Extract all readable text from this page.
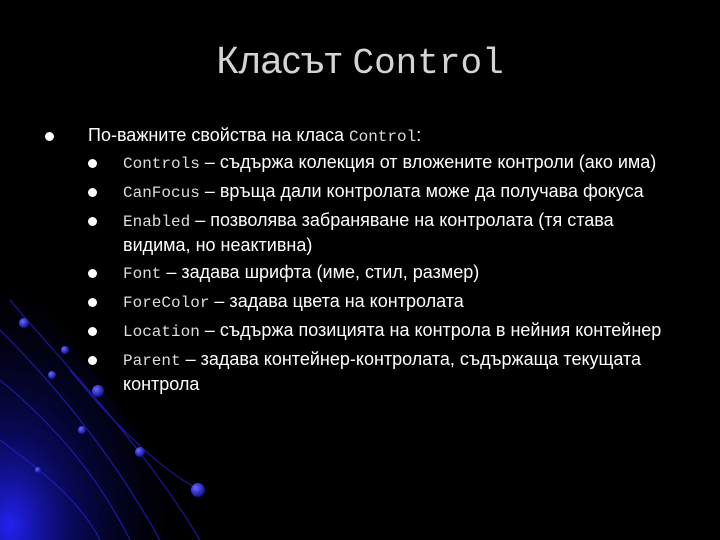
Класът Control
По-важните свойства на класа Control:
Controls – съдържа колекция от вложените контроли (ако има)
CanFocus – връща дали контролата може да получава фокуса
Enabled – позволява забраняване на контролата (тя става видима, но неактивна)
Font – задава шрифта (име, стил, размер)
ForeColor – задава цвета на контролата
Location – съдържа позицията на контрола в нейния контейнер
Parent – задава контейнер-контролата, съдържаща текущата контрола
